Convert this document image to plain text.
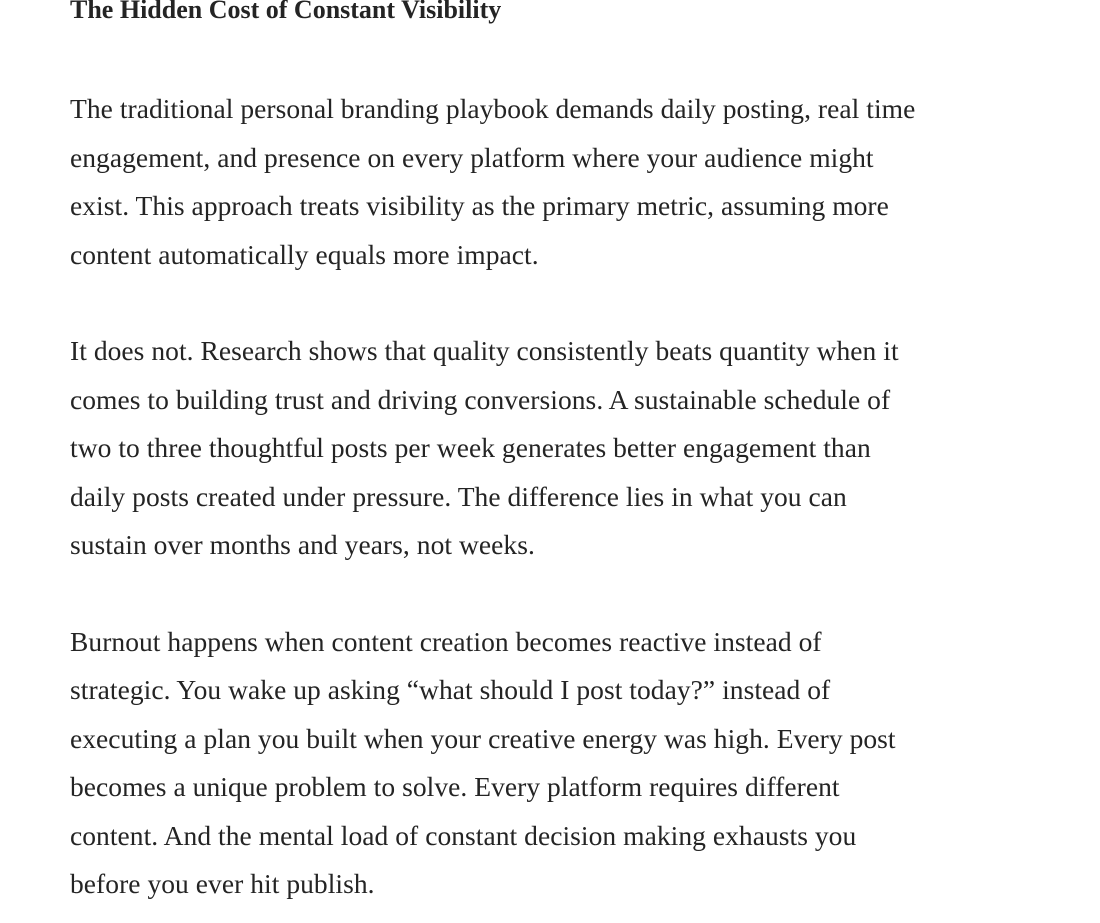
The Hidden Cost of Constant Visibility

The traditional personal branding playbook demands daily posting, real time
engagement, and presence on every platform where your audience might
exist. This approach treats visibility as the primary metric, assuming more
content automatically equals more impact.

It does not. Research shows that quality consistently beats quantity when it
comes to building trust and driving conversions. A sustainable schedule of
two to three thoughtful posts per week generates better engagement than
daily posts created under pressure. The difference lies in what you can
sustain over months and years, not weeks.

Burnout happens when content creation becomes reactive instead of
strategic. You wake up asking “what should I post today?” instead of
executing a plan you built when your creative energy was high. Every post
becomes a unique problem to solve. Every platform requires different
content. And the mental load of constant decision making exhausts you
before you ever hit publish.
